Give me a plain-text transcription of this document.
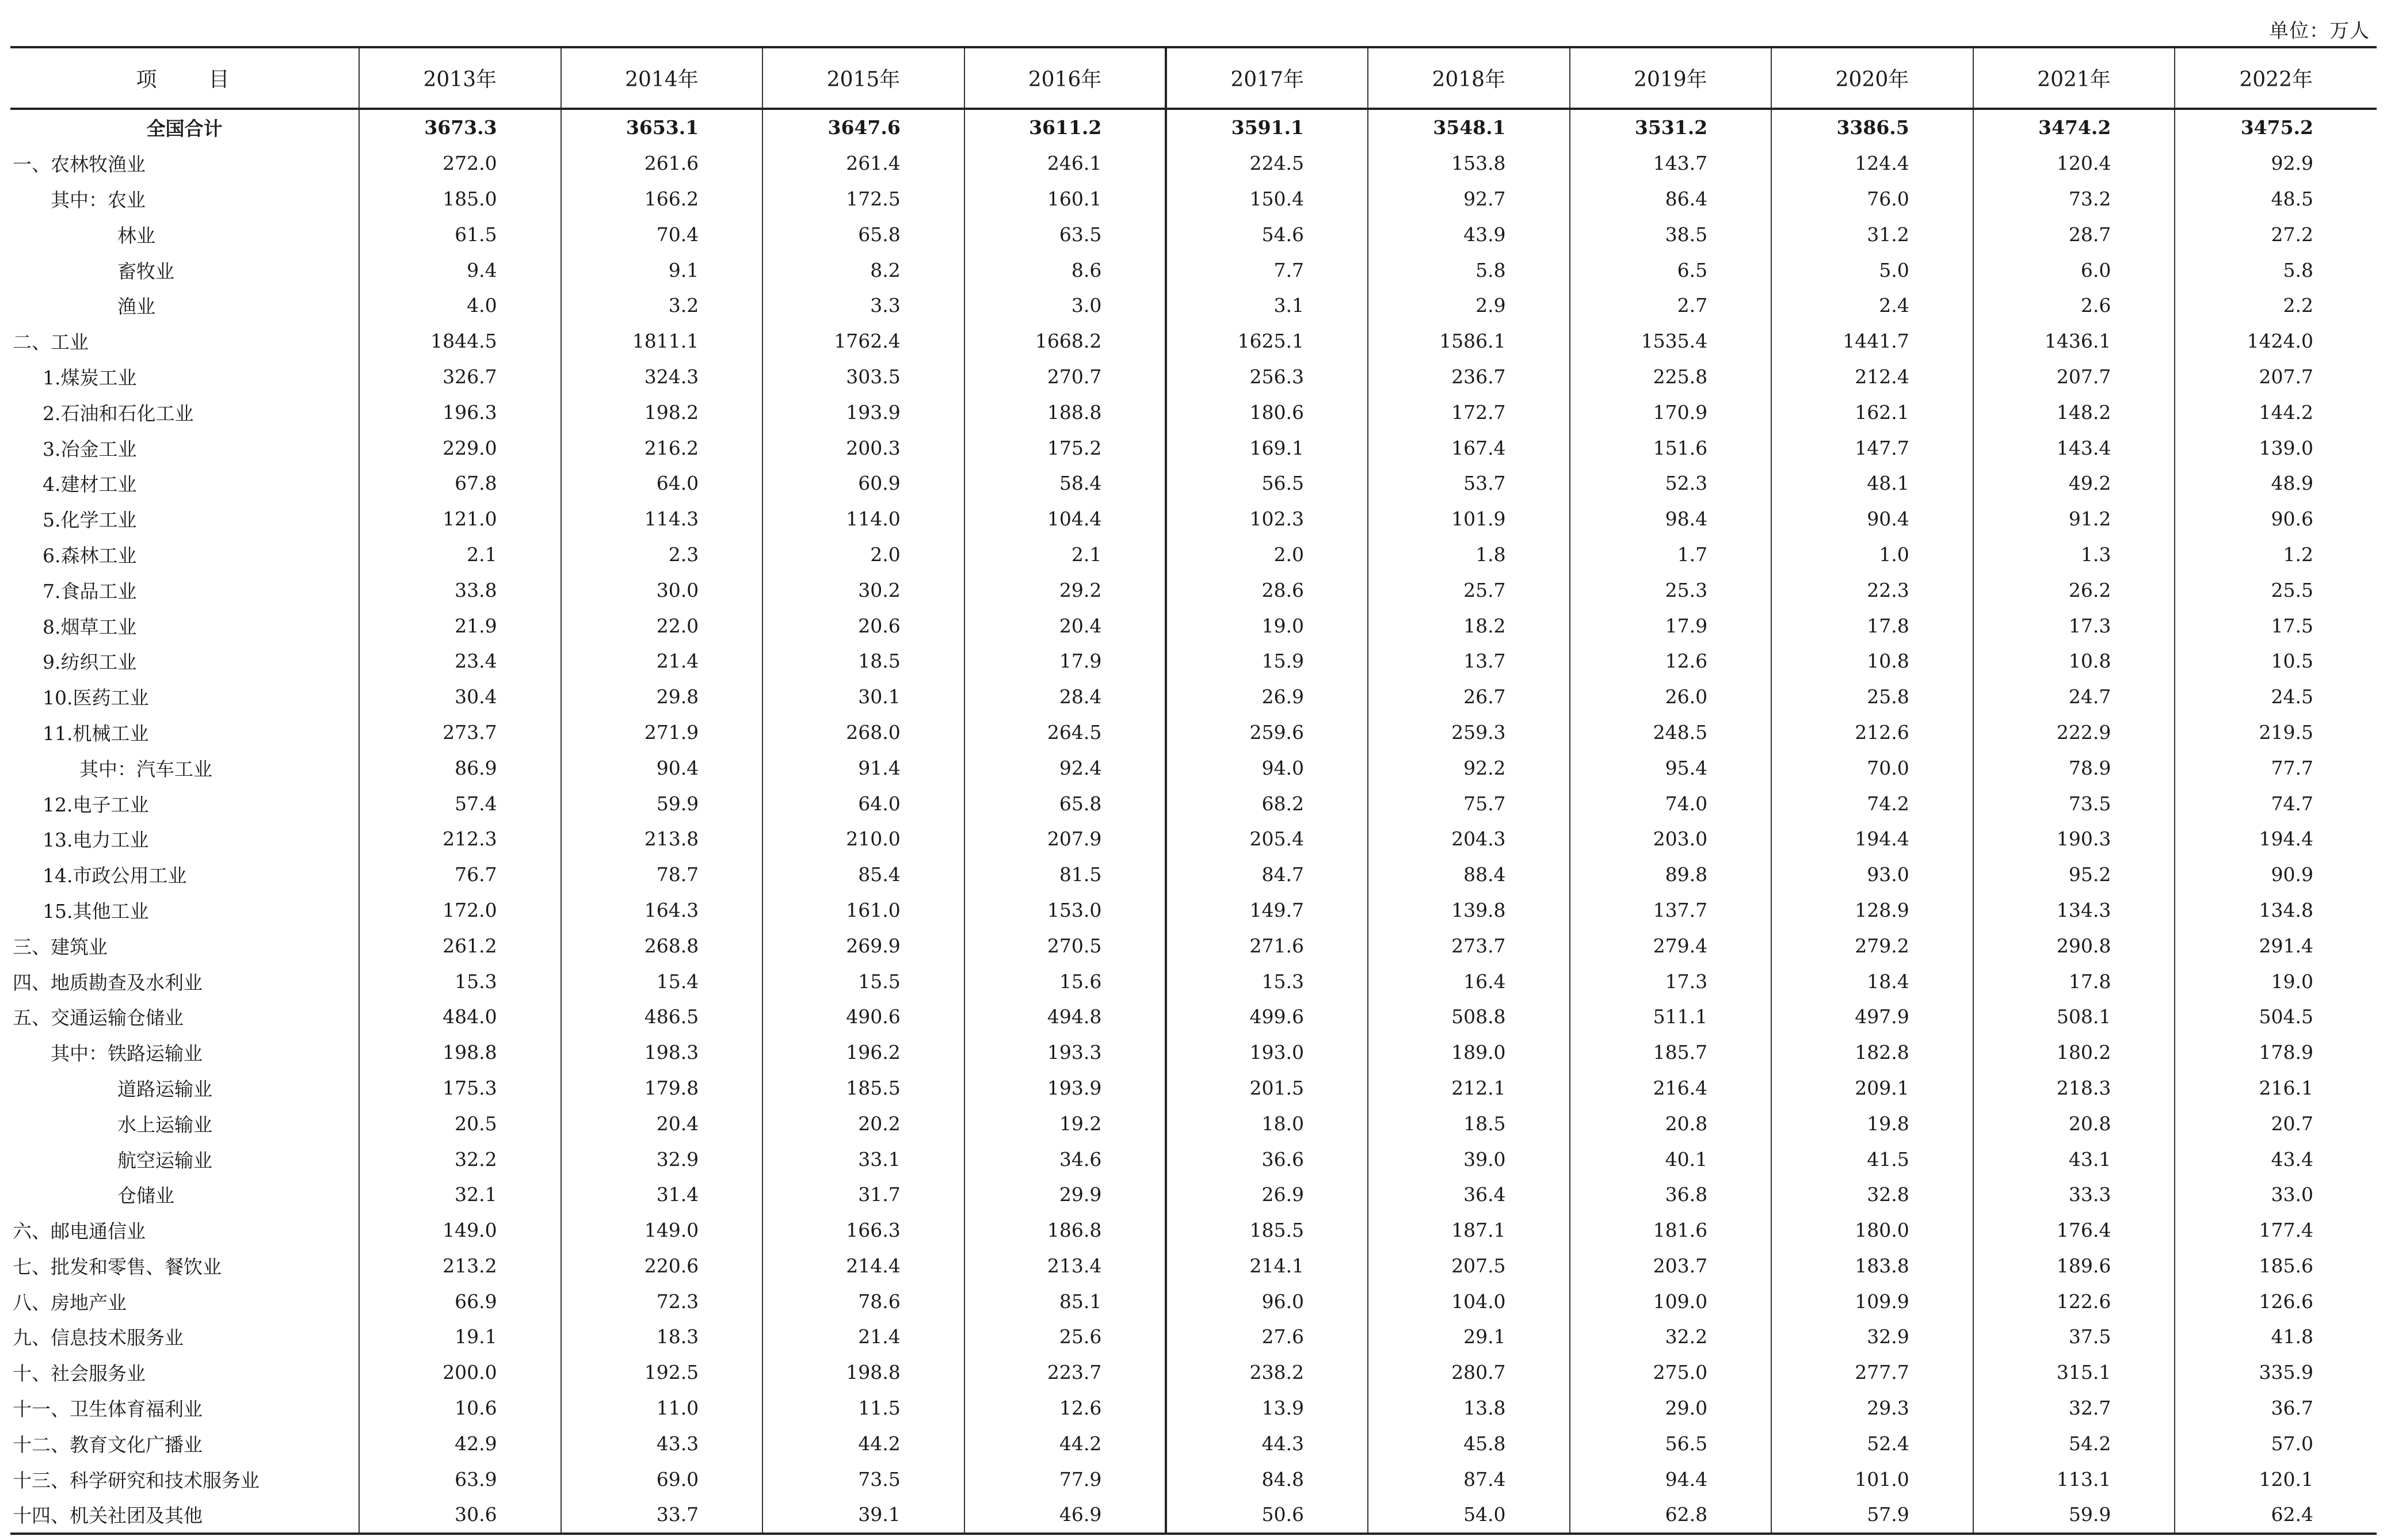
单位：万人
项　　目	2013年	2014年	2015年	2016年	2017年	2018年	2019年	2020年	2021年	2022年
全国合计	3673.3	3653.1	3647.6	3611.2	3591.1	3548.1	3531.2	3386.5	3474.2	3475.2
一、农林牧渔业	272.0	261.6	261.4	246.1	224.5	153.8	143.7	124.4	120.4	92.9
其中：农业	185.0	166.2	172.5	160.1	150.4	92.7	86.4	76.0	73.2	48.5
林业	61.5	70.4	65.8	63.5	54.6	43.9	38.5	31.2	28.7	27.2
畜牧业	9.4	9.1	8.2	8.6	7.7	5.8	6.5	5.0	6.0	5.8
渔业	4.0	3.2	3.3	3.0	3.1	2.9	2.7	2.4	2.6	2.2
二、工业	1844.5	1811.1	1762.4	1668.2	1625.1	1586.1	1535.4	1441.7	1436.1	1424.0
1.煤炭工业	326.7	324.3	303.5	270.7	256.3	236.7	225.8	212.4	207.7	207.7
2.石油和石化工业	196.3	198.2	193.9	188.8	180.6	172.7	170.9	162.1	148.2	144.2
3.冶金工业	229.0	216.2	200.3	175.2	169.1	167.4	151.6	147.7	143.4	139.0
4.建材工业	67.8	64.0	60.9	58.4	56.5	53.7	52.3	48.1	49.2	48.9
5.化学工业	121.0	114.3	114.0	104.4	102.3	101.9	98.4	90.4	91.2	90.6
6.森林工业	2.1	2.3	2.0	2.1	2.0	1.8	1.7	1.0	1.3	1.2
7.食品工业	33.8	30.0	30.2	29.2	28.6	25.7	25.3	22.3	26.2	25.5
8.烟草工业	21.9	22.0	20.6	20.4	19.0	18.2	17.9	17.8	17.3	17.5
9.纺织工业	23.4	21.4	18.5	17.9	15.9	13.7	12.6	10.8	10.8	10.5
10.医药工业	30.4	29.8	30.1	28.4	26.9	26.7	26.0	25.8	24.7	24.5
11.机械工业	273.7	271.9	268.0	264.5	259.6	259.3	248.5	212.6	222.9	219.5
其中：汽车工业	86.9	90.4	91.4	92.4	94.0	92.2	95.4	70.0	78.9	77.7
12.电子工业	57.4	59.9	64.0	65.8	68.2	75.7	74.0	74.2	73.5	74.7
13.电力工业	212.3	213.8	210.0	207.9	205.4	204.3	203.0	194.4	190.3	194.4
14.市政公用工业	76.7	78.7	85.4	81.5	84.7	88.4	89.8	93.0	95.2	90.9
15.其他工业	172.0	164.3	161.0	153.0	149.7	139.8	137.7	128.9	134.3	134.8
三、建筑业	261.2	268.8	269.9	270.5	271.6	273.7	279.4	279.2	290.8	291.4
四、地质勘查及水利业	15.3	15.4	15.5	15.6	15.3	16.4	17.3	18.4	17.8	19.0
五、交通运输仓储业	484.0	486.5	490.6	494.8	499.6	508.8	511.1	497.9	508.1	504.5
其中：铁路运输业	198.8	198.3	196.2	193.3	193.0	189.0	185.7	182.8	180.2	178.9
道路运输业	175.3	179.8	185.5	193.9	201.5	212.1	216.4	209.1	218.3	216.1
水上运输业	20.5	20.4	20.2	19.2	18.0	18.5	20.8	19.8	20.8	20.7
航空运输业	32.2	32.9	33.1	34.6	36.6	39.0	40.1	41.5	43.1	43.4
仓储业	32.1	31.4	31.7	29.9	26.9	36.4	36.8	32.8	33.3	33.0
六、邮电通信业	149.0	149.0	166.3	186.8	185.5	187.1	181.6	180.0	176.4	177.4
七、批发和零售、餐饮业	213.2	220.6	214.4	213.4	214.1	207.5	203.7	183.8	189.6	185.6
八、房地产业	66.9	72.3	78.6	85.1	96.0	104.0	109.0	109.9	122.6	126.6
九、信息技术服务业	19.1	18.3	21.4	25.6	27.6	29.1	32.2	32.9	37.5	41.8
十、社会服务业	200.0	192.5	198.8	223.7	238.2	280.7	275.0	277.7	315.1	335.9
十一、卫生体育福利业	10.6	11.0	11.5	12.6	13.9	13.8	29.0	29.3	32.7	36.7
十二、教育文化广播业	42.9	43.3	44.2	44.2	44.3	45.8	56.5	52.4	54.2	57.0
十三、科学研究和技术服务业	63.9	69.0	73.5	77.9	84.8	87.4	94.4	101.0	113.1	120.1
十四、机关社团及其他	30.6	33.7	39.1	46.9	50.6	54.0	62.8	57.9	59.9	62.4
